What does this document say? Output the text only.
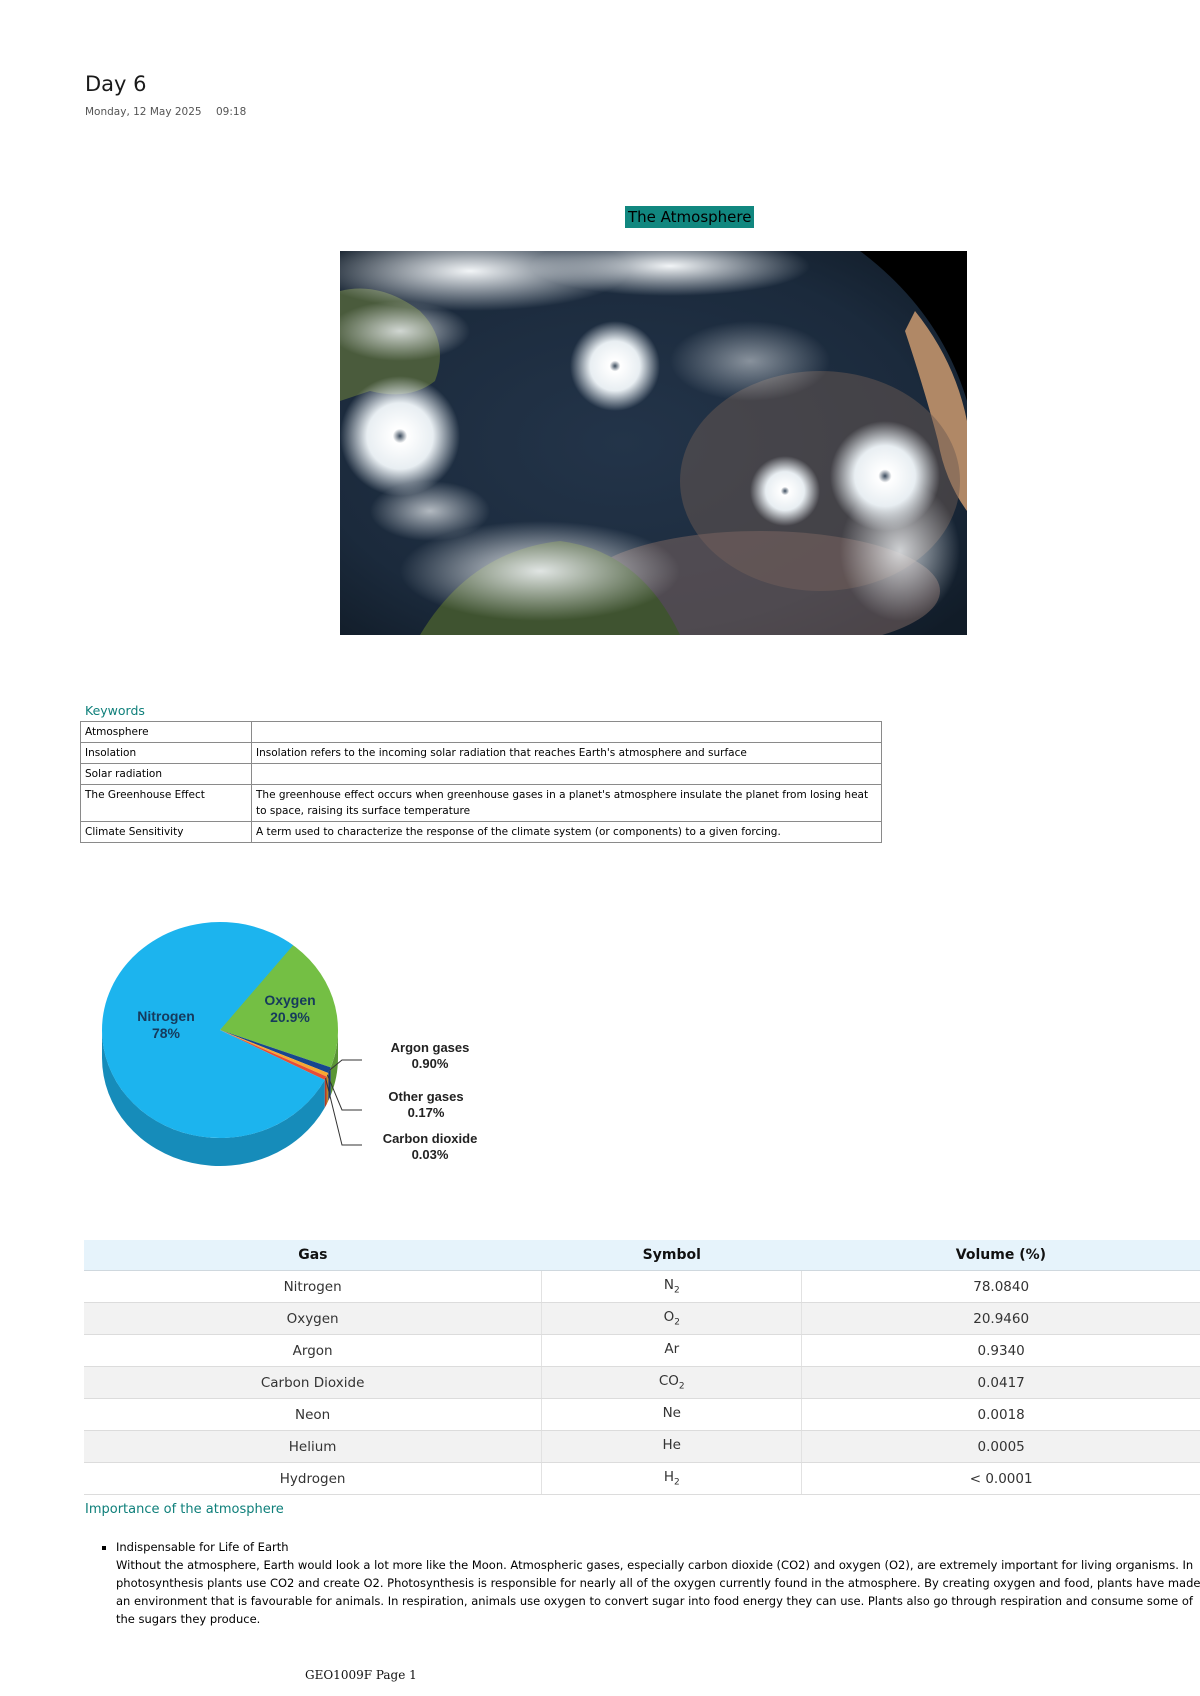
Day 6
Monday, 12 May 2025 09:18
The Atmosphere
Keywords
Atmosphere	
Insolation	Insolation refers to the incoming solar radiation that reaches Earth's atmosphere and surface
Solar radiation	
The Greenhouse Effect	The greenhouse effect occurs when greenhouse gases in a planet's atmosphere insulate the planet from losing heat to space, raising its surface temperature
Climate Sensitivity	A term used to characterize the response of the climate system (or components) to a given forcing.
Nitrogen
78%
Oxygen
20.9%
Argon gases
0.90%
Other gases
0.17%
Carbon dioxide
0.03%
Gas	Symbol	Volume (%)
Nitrogen	$N_2$	78.0840
Oxygen	$O_2$	20.9460
Argon	Ar	0.9340
Carbon Dioxide	$CO_2$	0.0417
Neon	Ne	0.0018
Helium	He	0.0005
Hydrogen	$H_2$	< 0.0001
Importance of the atmosphere
▪ Indispensable for Life of Earth
Without the atmosphere, Earth would look a lot more like the Moon. Atmospheric gases, especially carbon dioxide (CO2) and oxygen (O2), are extremely important for living organisms. In photosynthesis plants use CO2 and create O2. Photosynthesis is responsible for nearly all of the oxygen currently found in the atmosphere. By creating oxygen and food, plants have made an environment that is favourable for animals. In respiration, animals use oxygen to convert sugar into food energy they can use. Plants also go through respiration and consume some of the sugars they produce.
GEO1009F Page 1
